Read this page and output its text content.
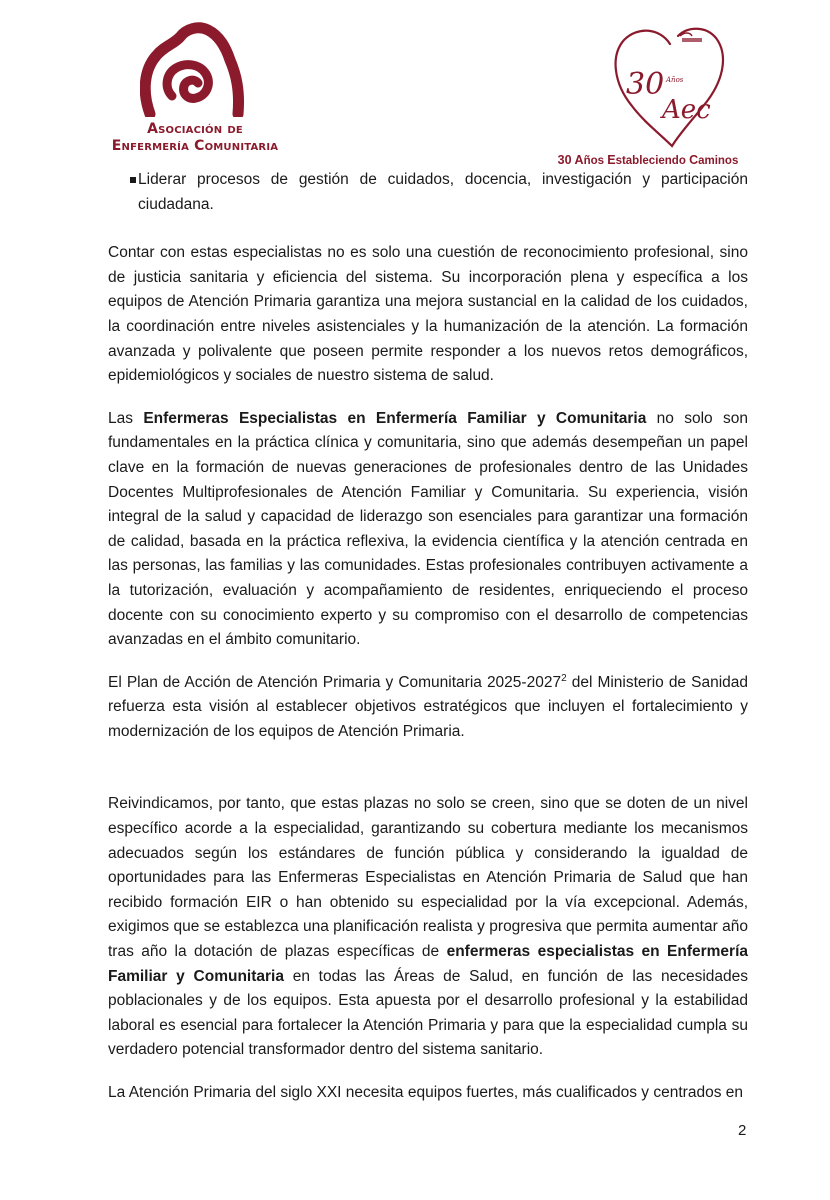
Asociación de
Enfermería Comunitaria
30 Años
Aec
30 Años Estableciendo Caminos
Liderar procesos de gestión de cuidados, docencia, investigación y participación ciudadana.

Contar con estas especialistas no es solo una cuestión de reconocimiento profesional, sino de justicia sanitaria y eficiencia del sistema. Su incorporación plena y específica a los equipos de Atención Primaria garantiza una mejora sustancial en la calidad de los cuidados, la coordinación entre niveles asistenciales y la humanización de la atención. La formación avanzada y polivalente que poseen permite responder a los nuevos retos demográficos, epidemiológicos y sociales de nuestro sistema de salud.

Las Enfermeras Especialistas en Enfermería Familiar y Comunitaria no solo son fundamentales en la práctica clínica y comunitaria, sino que además desempeñan un papel clave en la formación de nuevas generaciones de profesionales dentro de las Unidades Docentes Multiprofesionales de Atención Familiar y Comunitaria. Su experiencia, visión integral de la salud y capacidad de liderazgo son esenciales para garantizar una formación de calidad, basada en la práctica reflexiva, la evidencia científica y la atención centrada en las personas, las familias y las comunidades. Estas profesionales contribuyen activamente a la tutorización, evaluación y acompañamiento de residentes, enriqueciendo el proceso docente con su conocimiento experto y su compromiso con el desarrollo de competencias avanzadas en el ámbito comunitario.

El Plan de Acción de Atención Primaria y Comunitaria 2025-2027$^2$ del Ministerio de Sanidad refuerza esta visión al establecer objetivos estratégicos que incluyen el fortalecimiento y modernización de los equipos de Atención Primaria.

Reivindicamos, por tanto, que estas plazas no solo se creen, sino que se doten de un nivel específico acorde a la especialidad, garantizando su cobertura mediante los mecanismos adecuados según los estándares de función pública y considerando la igualdad de oportunidades para las Enfermeras Especialistas en Atención Primaria de Salud que han recibido formación EIR o han obtenido su especialidad por la vía excepcional. Además, exigimos que se establezca una planificación realista y progresiva que permita aumentar año tras año la dotación de plazas específicas de enfermeras especialistas en Enfermería Familiar y Comunitaria en todas las Áreas de Salud, en función de las necesidades poblacionales y de los equipos. Esta apuesta por el desarrollo profesional y la estabilidad laboral es esencial para fortalecer la Atención Primaria y para que la especialidad cumpla su verdadero potencial transformador dentro del sistema sanitario.

La Atención Primaria del siglo XXI necesita equipos fuertes, más cualificados y centrados en

2
